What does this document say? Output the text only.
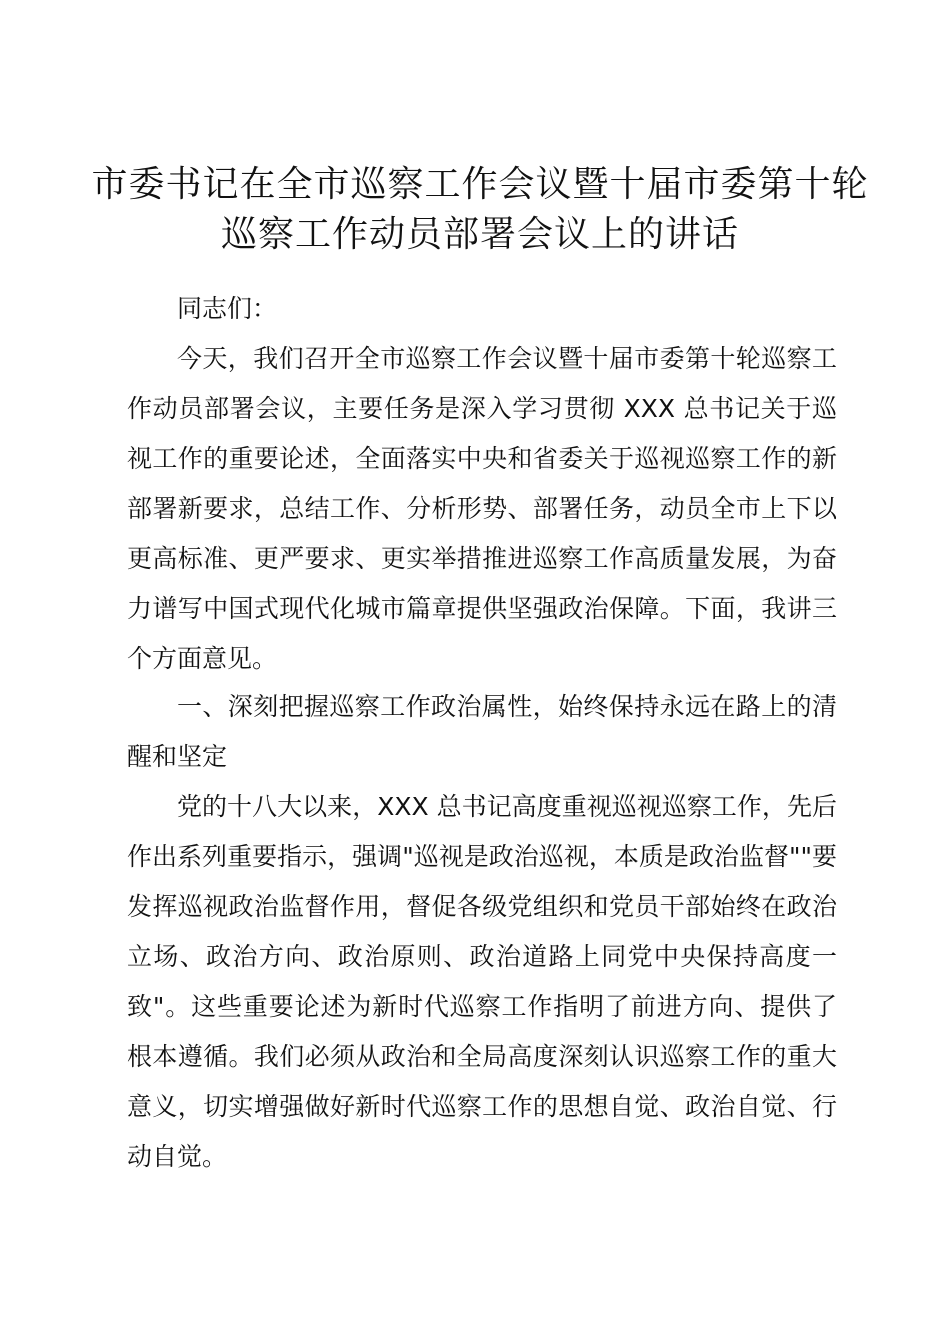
市委书记在全市巡察工作会议暨十届市委第十轮巡察工作动员部署会议上的讲话

同志们：

今天，我们召开全市巡察工作会议暨十届市委第十轮巡察工作动员部署会议，主要任务是深入学习贯彻 XXX 总书记关于巡视工作的重要论述，全面落实中央和省委关于巡视巡察工作的新部署新要求，总结工作、分析形势、部署任务，动员全市上下以更高标准、更严要求、更实举措推进巡察工作高质量发展，为奋力谱写中国式现代化城市篇章提供坚强政治保障。下面，我讲三个方面意见。

一、深刻把握巡察工作政治属性，始终保持永远在路上的清醒和坚定

党的十八大以来，XXX 总书记高度重视巡视巡察工作，先后作出系列重要指示，强调"巡视是政治巡视，本质是政治监督""要发挥巡视政治监督作用，督促各级党组织和党员干部始终在政治立场、政治方向、政治原则、政治道路上同党中央保持高度一致"。这些重要论述为新时代巡察工作指明了前进方向、提供了根本遵循。我们必须从政治和全局高度深刻认识巡察工作的重大意义，切实增强做好新时代巡察工作的思想自觉、政治自觉、行动自觉。
